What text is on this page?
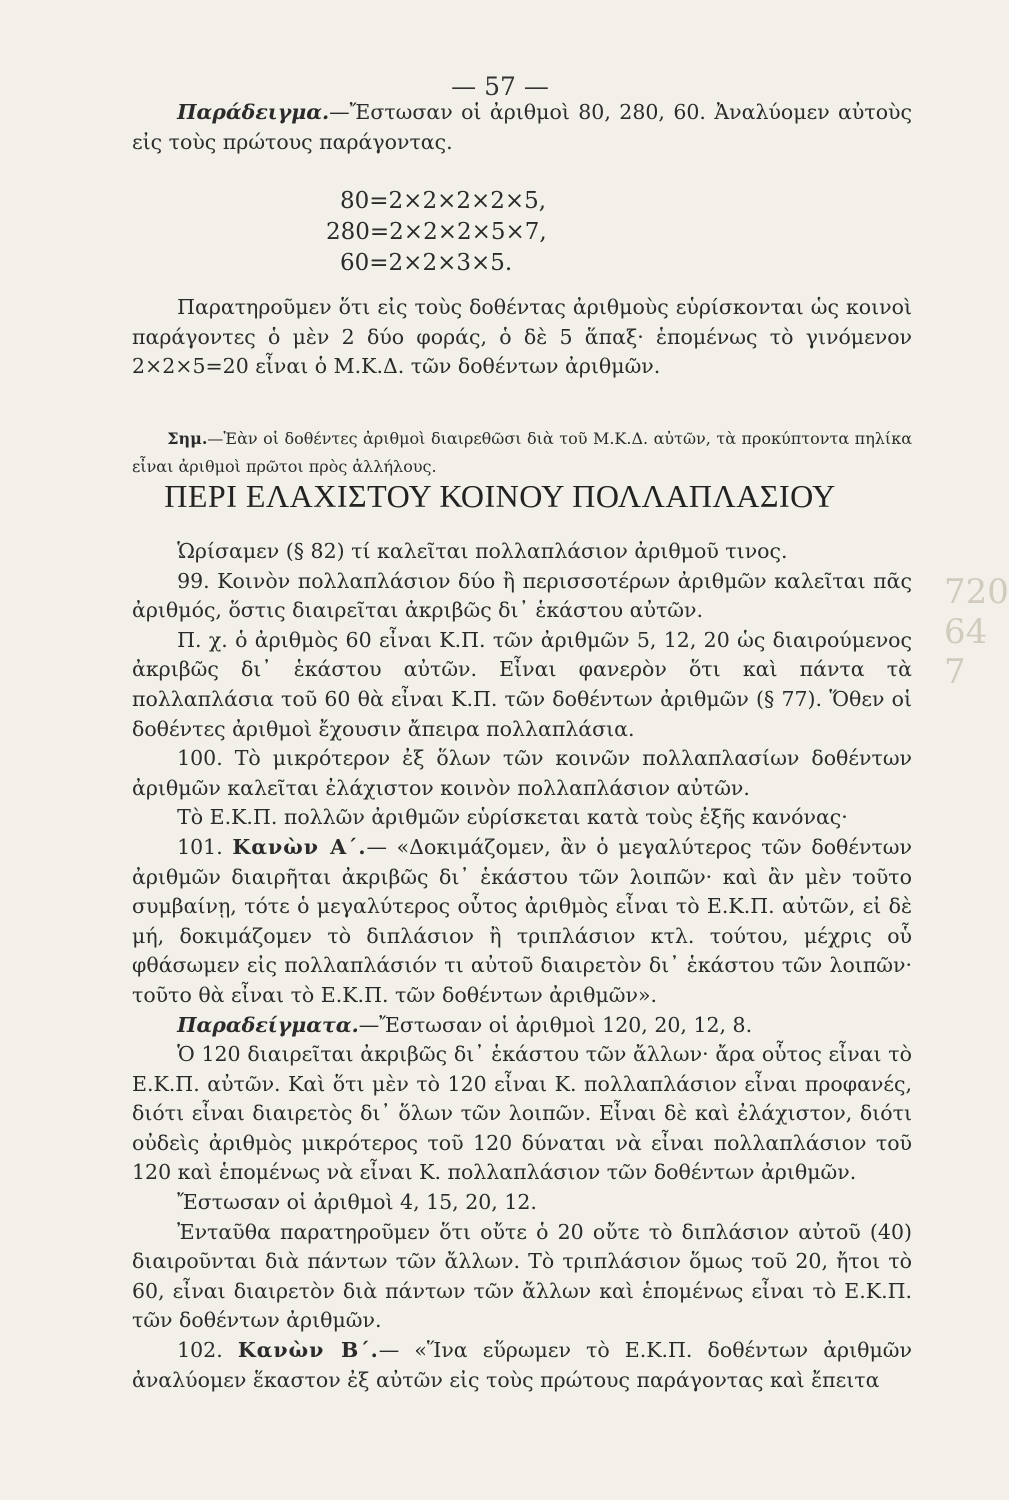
— 57 —

Παράδειγμα.—Ἔστωσαν οἱ ἀριθμοὶ 80, 280, 60. Ἀναλύομεν αὐτοὺς εἰς τοὺς πρώτους παράγοντας.

80=2×2×2×2×5,
280=2×2×2×5×7,
60=2×2×3×5.

Παρατηροῦμεν ὅτι εἰς τοὺς δοθέντας ἀριθμοὺς εὑρίσκονται ὡς κοινοὶ παράγοντες ὁ μὲν 2 δύο φοράς, ὁ δὲ 5 ἅπαξ· ἑπομένως τὸ γινόμενον 2×2×5=20 εἶναι ὁ Μ.Κ.Δ. τῶν δοθέντων ἀριθμῶν.

Σημ.—Ἐὰν οἱ δοθέντες ἀριθμοὶ διαιρεθῶσι διὰ τοῦ Μ.Κ.Δ. αὐτῶν, τὰ προκύπτοντα πηλίκα εἶναι ἀριθμοὶ πρῶτοι πρὸς ἀλλήλους.

ΠΕΡΙ ΕΛΑΧΙΣΤΟΥ ΚΟΙΝΟΥ ΠΟΛΛΑΠΛΑΣΙΟΥ

Ὡρίσαμεν (§ 82) τί καλεῖται πολλαπλάσιον ἀριθμοῦ τινος.

99. Κοινὸν πολλαπλάσιον δύο ἢ περισσοτέρων ἀριθμῶν καλεῖται πᾶς ἀριθμός, ὅστις διαιρεῖται ἀκριβῶς δι᾿ ἑκάστου αὐτῶν.

Π. χ. ὁ ἀριθμὸς 60 εἶναι Κ.Π. τῶν ἀριθμῶν 5, 12, 20 ὡς διαιρούμενος ἀκριβῶς δι᾿ ἑκάστου αὐτῶν. Εἶναι φανερὸν ὅτι καὶ πάντα τὰ πολλαπλάσια τοῦ 60 θὰ εἶναι Κ.Π. τῶν δοθέντων ἀριθμῶν (§ 77). Ὅθεν οἱ δοθέντες ἀριθμοὶ ἔχουσιν ἄπειρα πολλαπλάσια.

100. Τὸ μικρότερον ἐξ ὅλων τῶν κοινῶν πολλαπλασίων δοθέντων ἀριθμῶν καλεῖται ἐλάχιστον κοινὸν πολλαπλάσιον αὐτῶν.

Τὸ Ε.Κ.Π. πολλῶν ἀριθμῶν εὑρίσκεται κατὰ τοὺς ἑξῆς κανόνας·

101. Κανὼν Α΄.— «Δοκιμάζομεν, ἂν ὁ μεγαλύτερος τῶν δοθέντων ἀριθμῶν διαιρῆται ἀκριβῶς δι᾿ ἑκάστου τῶν λοιπῶν· καὶ ἂν μὲν τοῦτο συμβαίνῃ, τότε ὁ μεγαλύτερος οὗτος ἀριθμὸς εἶναι τὸ Ε.Κ.Π. αὐτῶν, εἰ δὲ μή, δοκιμάζομεν τὸ διπλάσιον ἢ τριπλάσιον κτλ. τούτου, μέχρις οὗ φθάσωμεν εἰς πολλαπλάσιόν τι αὐτοῦ διαιρετὸν δι᾿ ἑκάστου τῶν λοιπῶν· τοῦτο θὰ εἶναι τὸ Ε.Κ.Π. τῶν δοθέντων ἀριθμῶν».

Παραδείγματα.—Ἔστωσαν οἱ ἀριθμοὶ 120, 20, 12, 8.

Ὁ 120 διαιρεῖται ἀκριβῶς δι᾿ ἑκάστου τῶν ἄλλων· ἄρα οὗτος εἶναι τὸ Ε.Κ.Π. αὐτῶν. Καὶ ὅτι μὲν τὸ 120 εἶναι Κ. πολλαπλάσιον εἶναι προφανές, διότι εἶναι διαιρετὸς δι᾿ ὅλων τῶν λοιπῶν. Εἶναι δὲ καὶ ἐλάχιστον, διότι οὐδεὶς ἀριθμὸς μικρότερος τοῦ 120 δύναται νὰ εἶναι πολλαπλάσιον τοῦ 120 καὶ ἑπομένως νὰ εἶναι Κ. πολλαπλάσιον τῶν δοθέντων ἀριθμῶν.

Ἔστωσαν οἱ ἀριθμοὶ 4, 15, 20, 12.

Ἐνταῦθα παρατηροῦμεν ὅτι οὔτε ὁ 20 οὔτε τὸ διπλάσιον αὐτοῦ (40) διαιροῦνται διὰ πάντων τῶν ἄλλων. Τὸ τριπλάσιον ὅμως τοῦ 20, ἤτοι τὸ 60, εἶναι διαιρετὸν διὰ πάντων τῶν ἄλλων καὶ ἑπομένως εἶναι τὸ Ε.Κ.Π. τῶν δοθέντων ἀριθμῶν.

102. Κανὼν Β΄.— «Ἵνα εὕρωμεν τὸ Ε.Κ.Π. δοθέντων ἀριθμῶν ἀναλύομεν ἕκαστον ἐξ αὐτῶν εἰς τοὺς πρώτους παράγοντας καὶ ἔπειτα

720 64 7
